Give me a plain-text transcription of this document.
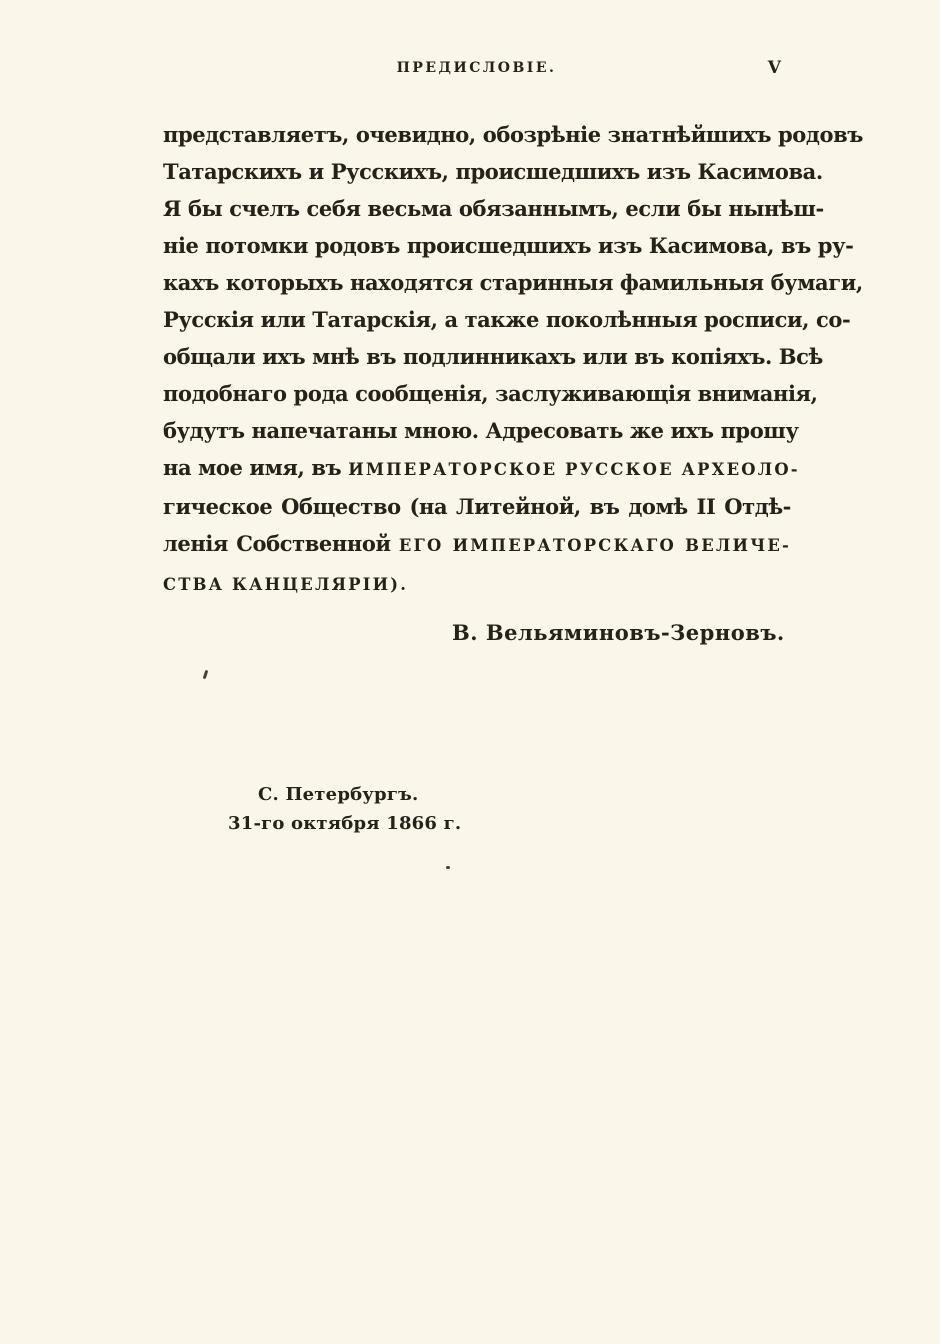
ПРЕДИСЛОВІЕ.	V
представляетъ, очевидно, обозрѣніе знатнѣйшихъ родовъ
Татарскихъ и Русскихъ, происшедшихъ изъ Касимова.
Я бы счелъ себя весьма обязаннымъ, если бы нынѣш-
ніе потомки родовъ происшедшихъ изъ Касимова, въ ру-
кахъ которыхъ находятся старинныя фамильныя бумаги,
Русскія или Татарскія, а также поколѣнныя росписи, со-
общали ихъ мнѣ въ подлинникахъ или въ копіяхъ. Всѣ
подобнаго рода сообщенія, заслуживающія вниманія,
будутъ напечатаны мною. Адресовать же ихъ прошу
на мое имя, въ ИМПЕРАТОРСКОЕ РУССКОЕ АРХЕОЛО-
гическое Общество (на Литейной, въ домѣ II Отдѣ-
ленія Собственной ЕГО ИМПЕРАТОРСКАГО ВЕЛИЧЕ-
СТВА КАНЦЕЛЯРІИ).
В. Вельяминовъ-Зерновъ.
С. Петербургъ.
31-го октября 1866 г.
